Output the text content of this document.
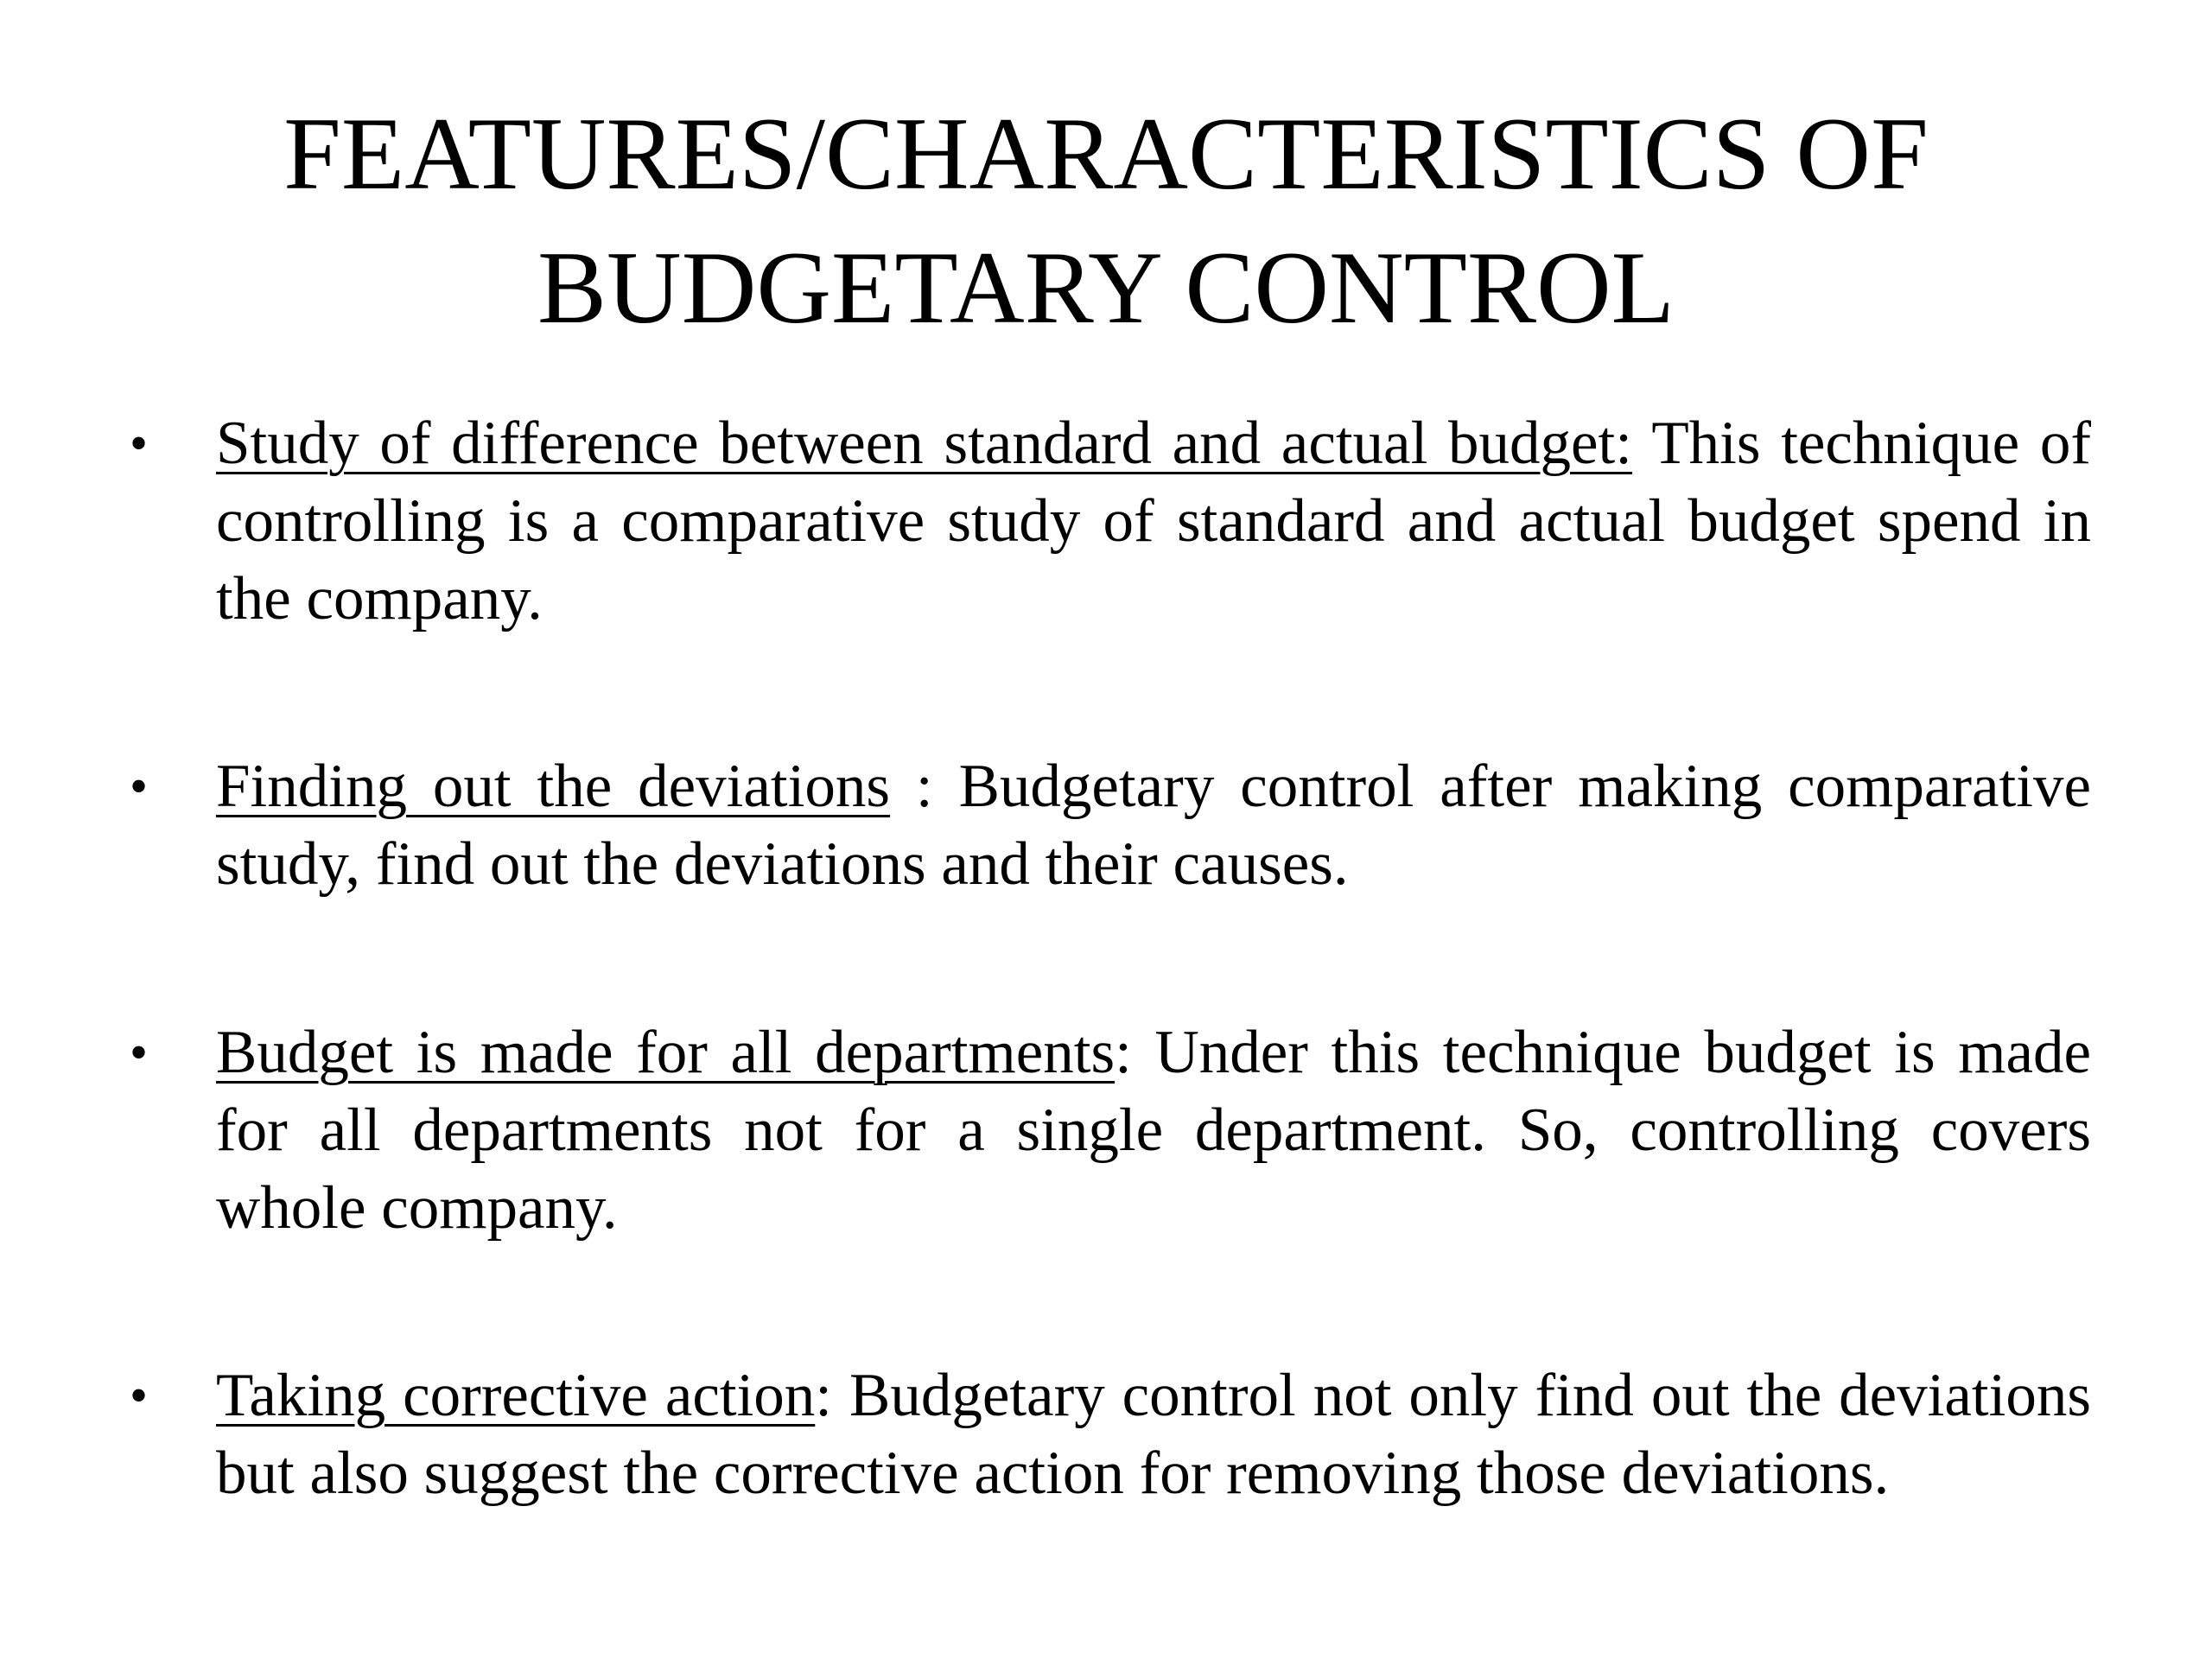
FEATURES/CHARACTERISTICS OF
BUDGETARY CONTROL
• Study of difference between standard and actual budget: This technique of controlling is a comparative study of standard and actual budget spend in the company.
• Finding out the deviations : Budgetary control after making comparative study, find out the deviations and their causes.
• Budget is made for all departments: Under this technique budget is made for all departments not for a single department. So, controlling covers whole company.
• Taking corrective action: Budgetary control not only find out the deviations but also suggest the corrective action for removing those deviations.
